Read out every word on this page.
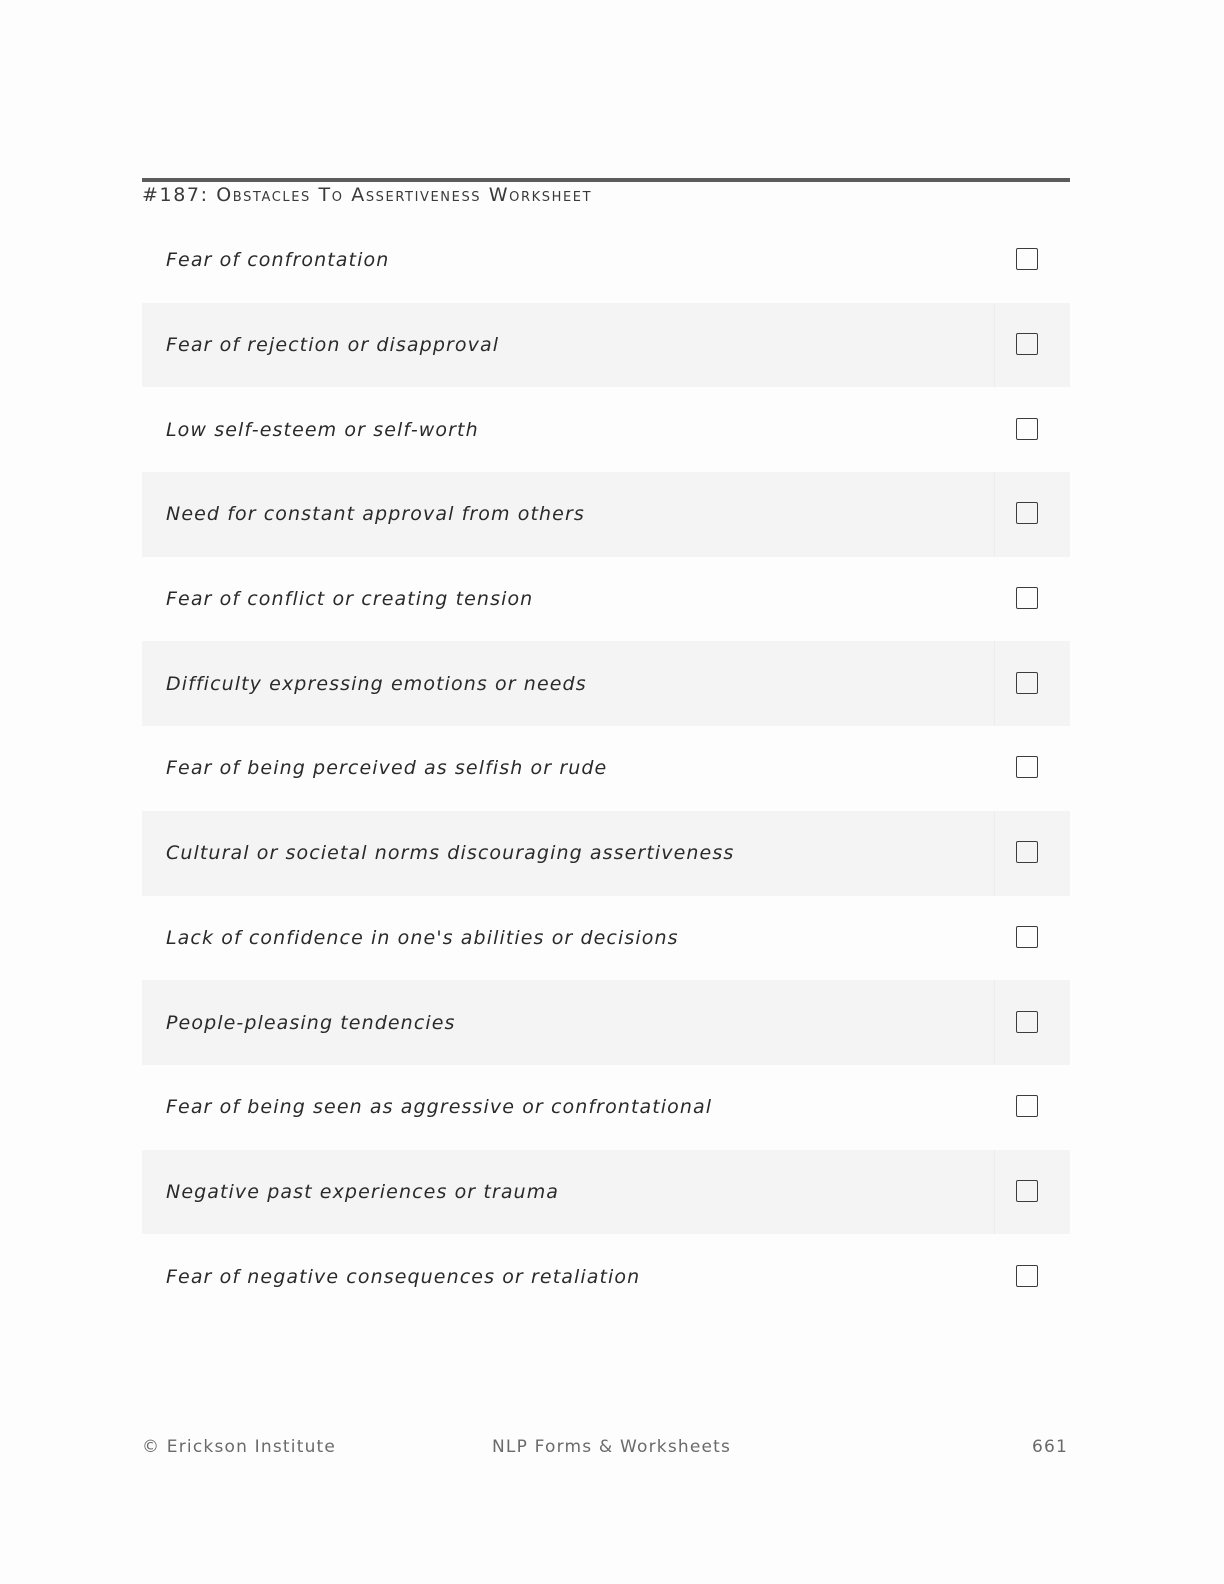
#187: Obstacles To Assertiveness Worksheet
Fear of confrontation
Fear of rejection or disapproval
Low self-esteem or self-worth
Need for constant approval from others
Fear of conflict or creating tension
Difficulty expressing emotions or needs
Fear of being perceived as selfish or rude
Cultural or societal norms discouraging assertiveness
Lack of confidence in one's abilities or decisions
People-pleasing tendencies
Fear of being seen as aggressive or confrontational
Negative past experiences or trauma
Fear of negative consequences or retaliation
© Erickson Institute	NLP Forms & Worksheets	661
